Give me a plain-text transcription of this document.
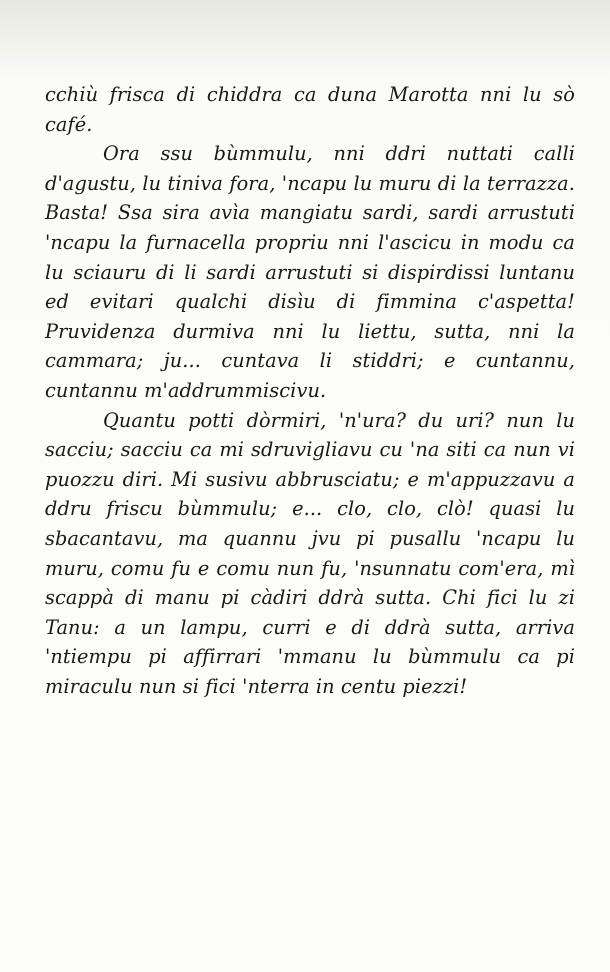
cchiù frisca di chiddra ca duna Marotta nni lu sò café.

Ora ssu bùmmulu, nni ddri nuttati calli d'agustu, lu tiniva fora, 'ncapu lu muru di la terrazza. Basta! Ssa sira avìa mangiatu sardi, sardi arrustuti 'ncapu la furnacella propriu nni l'ascicu in modu ca lu sciauru di li sardi arrustuti si dispirdissi luntanu ed evitari qualchi disìu di fimmina c'aspetta! Pruvidenza durmiva nni lu liettu, sutta, nni la cammara; ju... cuntava li stiddri; e cuntannu, cuntannu m'addrummiscivu.

Quantu potti dòrmiri, 'n'ura? du uri? nun lu sacciu; sacciu ca mi sdruvigliavu cu 'na siti ca nun vi puozzu diri. Mi susivu abbrusciatu; e m'appuzzavu a ddru friscu bùmmulu; e... clo, clo, clò! quasi lu sbacantavu, ma quannu jvu pi pusallu 'ncapu lu muru, comu fu e comu nun fu, 'nsunnatu com'era, mì scappà di manu pi càdiri ddrà sutta. Chi fici lu zi Tanu: a un lampu, curri e di ddrà sutta, arriva 'ntiempu pi affirrari 'mmanu lu bùmmulu ca pi miraculu nun si fici 'nterra in centu piezzi!
